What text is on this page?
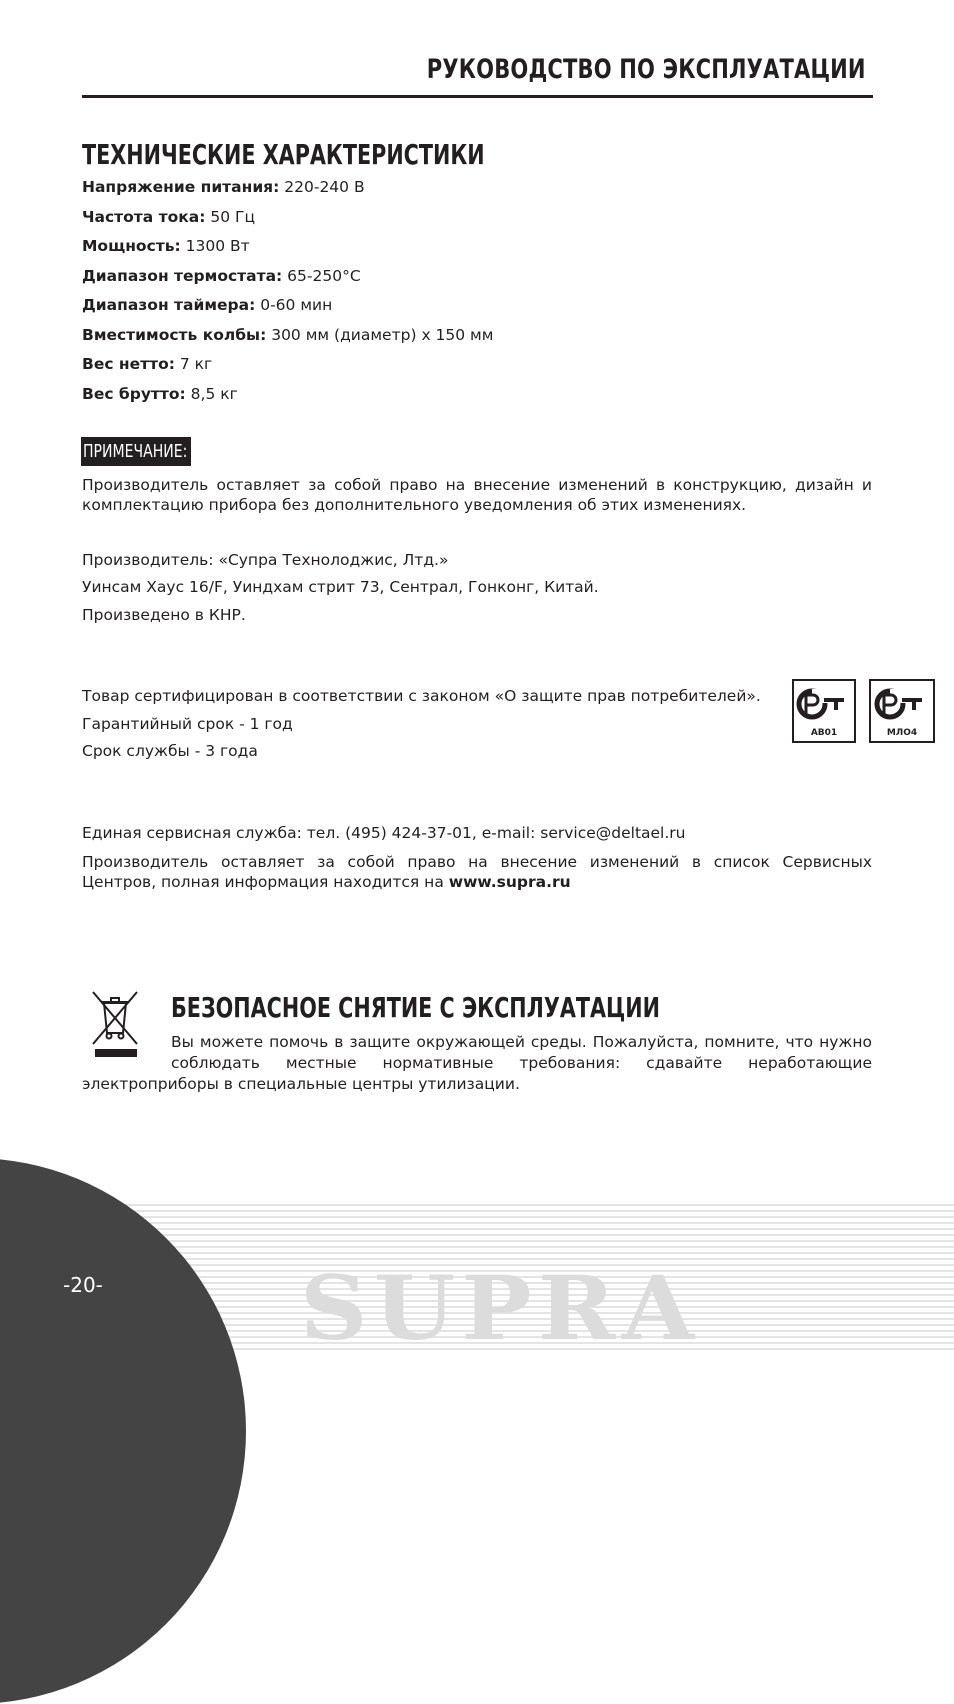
РУКОВОДСТВО ПО ЭКСПЛУАТАЦИИ
ТЕХНИЧЕСКИЕ ХАРАКТЕРИСТИКИ
Напряжение питания: 220-240 В
Частота тока: 50 Гц
Мощность: 1300 Вт
Диапазон термостата: 65-250°С
Диапазон таймера: 0-60 мин
Вместимость колбы: 300 мм (диаметр) х 150 мм
Вес нетто: 7 кг
Вес брутто: 8,5 кг
ПРИМЕЧАНИЕ:
Производитель оставляет за собой право на внесение изменений в конструкцию, дизайн и комплектацию прибора без дополнительного уведомления об этих изменениях.
Производитель: «Супра Технолоджис, Лтд.»
Уинсам Хаус 16/F, Уиндхам стрит 73, Сентрал, Гонконг, Китай.
Произведено в КНР.
Товар сертифицирован в соответствии с законом «О защите прав потребителей».
Гарантийный срок - 1 год
Срок службы - 3 года
АВ01	МЛО4
Единая сервисная служба: тел. (495) 424-37-01, e-mail: service@deltael.ru
Производитель оставляет за собой право на внесение изменений в список Сервисных Центров, полная информация находится на www.supra.ru
БЕЗОПАСНОЕ СНЯТИЕ С ЭКСПЛУАТАЦИИ
Вы можете помочь в защите окружающей среды. Пожалуйста, помните, что нужно соблюдать местные нормативные требования: сдавайте неработающие электроприборы в специальные центры утилизации.
SUPRA
-20-
